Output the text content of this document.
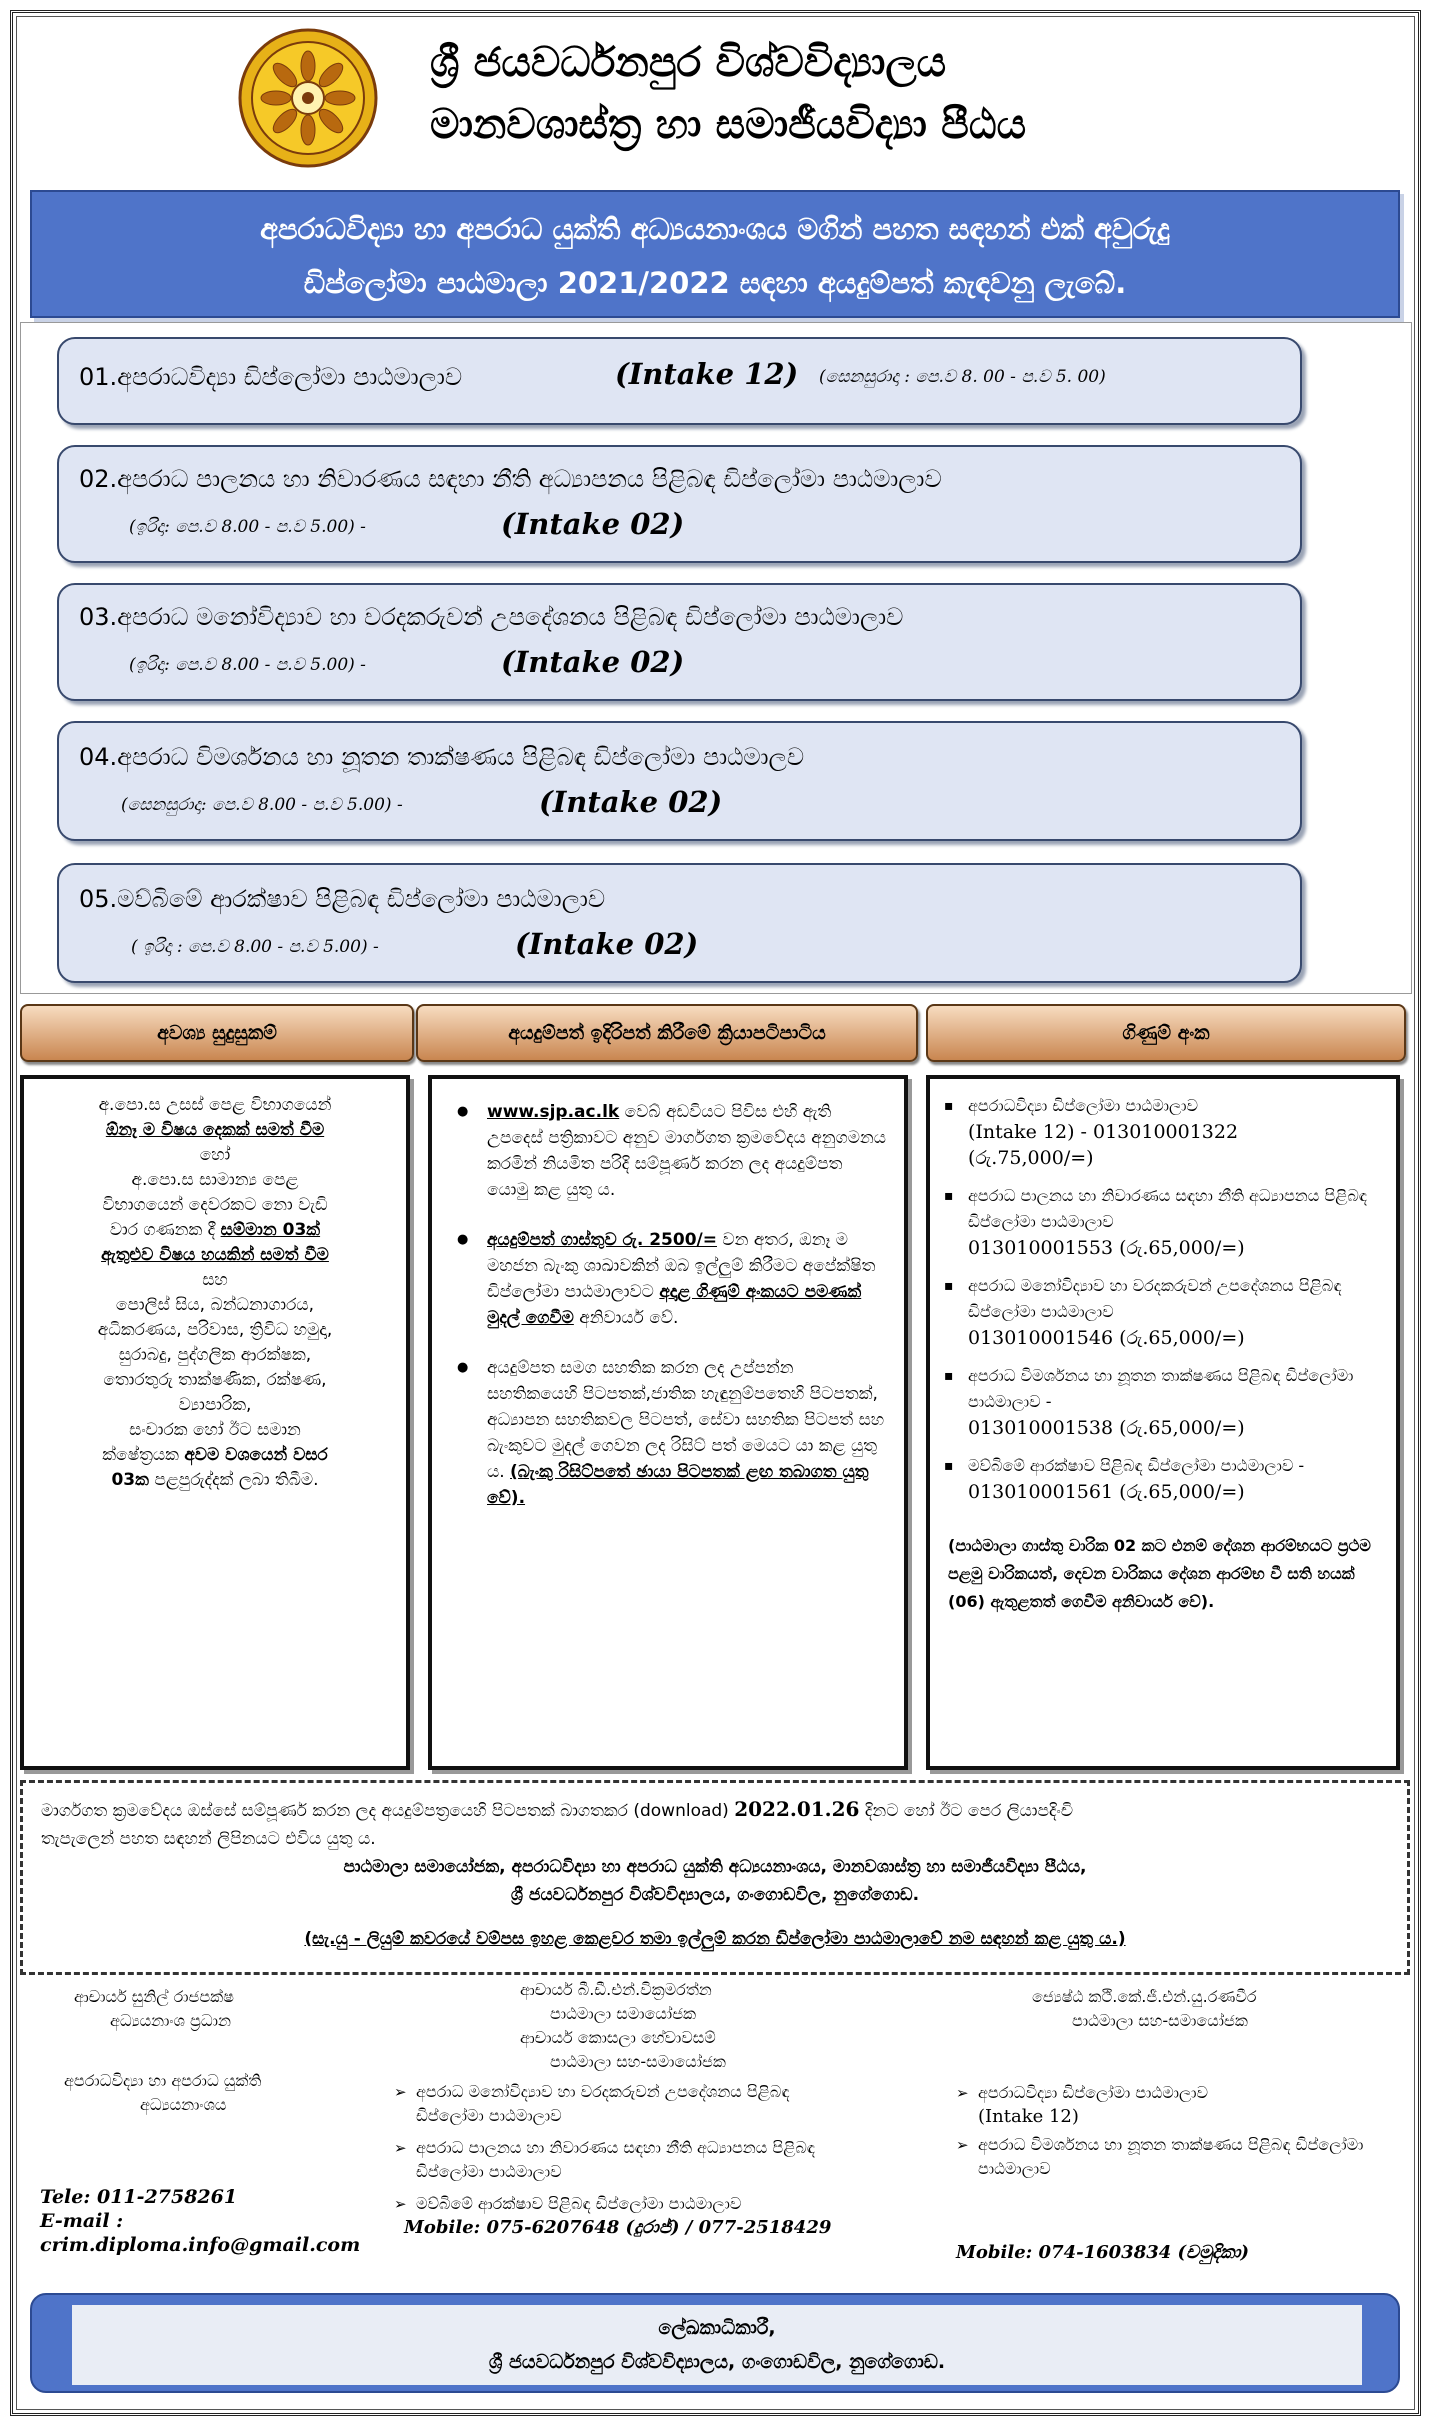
ශ්‍රී ජයවර්ධනපුර විශ්වවිද්‍යාලය
මානවශාස්ත්‍ර හා සමාජීයවිද්‍යා පීඨය
අපරාධවිද්‍යා හා අපරාධ යුක්ති අධ්‍යයනාංශය මගින් පහත සඳහන් එක් අවුරුදු
ඩිප්ලෝමා පාඨමාලා 2021/2022 සඳහා අයදුම්පත් කැඳවනු ලැබේ.
01.අපරාධවිද්‍යා ඩිප්ලෝමා පාඨමාලාව	(Intake 12) (සෙනසුරාදා : පෙ.ව 8. 00 - ප.ව 5. 00)
02.අපරාධ පාලනය හා නිවාරණය සඳහා නීති අධ්‍යාපනය පිළිබඳ ඩිප්ලෝමා පාඨමාලාව
(ඉරිදා: පෙ.ව 8.00 - ප.ව 5.00) -	(Intake 02)
03.අපරාධ මනෝවිද්‍යාව හා වරදකරුවන් උපදේශනය පිළිබඳ ඩිප්ලෝමා පාඨමාලාව
(ඉරිදා: පෙ.ව 8.00 - ප.ව 5.00) -	(Intake 02)
04.අපරාධ විමර්ශනය හා නූතන තාක්ෂණය පිළිබඳ ඩිප්ලෝමා පාඨමාලව
(සෙනසුරාදා: පෙ.ව 8.00 - ප.ව 5.00) -	(Intake 02)
05.මව්බිමේ ආරක්ෂාව පිළිබඳ ඩිප්ලෝමා පාඨමාලාව
( ඉරිදා : පෙ.ව 8.00 - ප.ව 5.00) -	(Intake 02)
අවශ්‍ය සුදුසුකම්	අයදුම්පත් ඉදිරිපත් කිරීමේ ක්‍රියාපටිපාටිය	ගිණුම් අංක
අ.පො.ස උසස් පෙළ විභාගයෙන්
ඕනෑ ම විෂය දෙකක් සමත් වීම
හෝ
අ.පො.ස සාමාන්‍ය පෙළ
විභාගයෙන් දෙවරකට නො වැඩි
වාර ගණනක දී සම්මාන 03ක්
ඇතුළුව විෂය හයකින් සමත් වීම
සහ
පොලිස් සිය, බන්ධනාගාරය,
අධිකරණය, පරිවාස, ත්‍රිවිධ හමුදා,
සුරාබදු, පුද්ගලික ආරක්ෂක,
තොරතුරු තාක්ෂණික, රක්ෂණ,
ව්‍යාපාරික,
සංචාරක හෝ ඊට සමාන
ක්ෂේත්‍රයක අවම වශයෙන් වසර
03ක පළපුරුද්දක් ලබා තිබීම.
● www.sjp.ac.lk වෙබ් අඩවියට පිවිස එහි ඇති උපදෙස් පත්‍රිකාවට අනුව මාර්ගගත ක්‍රමවේදය අනුගමනය කරමින් නියමිත පරිදි සම්පූර්ණ කරන ලද අයදුම්පත යොමු කළ යුතු ය.
● අයදුම්පත් ගාස්තුව රු. 2500/= වන අතර, ඔනෑ ම මහජන බැංකු ශාඛාවකින් ඔබ ඉල්ලුම් කිරීමට අපේක්ෂිත ඩිප්ලෝමා පාඨමාලාවට අදාළ ගිණුම් අංකයට පමණක් මුදල් ගෙවීම අනිවාර්ය වේ.
● අයදුම්පත සමග සහතික කරන ලද උප්පන්න සහතිකයෙහි පිටපතක්,ජාතික හැඳුනුම්පතෙහි පිටපතක්, අධ්‍යාපන සහතිකවල පිටපත්, සේවා සහතික පිටපත් සහ බැංකුවට මුදල් ගෙවන ලද රිසිට් පත් මෙයට යා කළ යුතු ය. (බැංකු රිසිට්පතේ ඡායා පිටපතක් ළඟ තබාගත යුතු වේ).
▪ අපරාධවිද්‍යා ඩිප්ලෝමා පාඨමාලාව
(Intake 12) - 013010001322
(රු.75,000/=)
▪ අපරාධ පාලනය හා නිවාරණය සඳහා නීති අධ්‍යාපනය පිළිබඳ ඩිප්ලෝමා පාඨමාලාව
013010001553 (රු.65,000/=)
▪ අපරාධ මනෝවිද්‍යාව හා වරදකරුවන් උපදේශනය පිළිබඳ ඩිප්ලෝමා පාඨමාලාව
013010001546 (රු.65,000/=)
▪ අපරාධ විමර්ශනය හා නූතන තාක්ෂණය පිළිබඳ ඩිප්ලෝමා පාඨමාලාව -
013010001538 (රු.65,000/=)
▪ මව්බිමේ ආරක්ෂාව පිළිබඳ ඩිප්ලෝමා පාඨමාලාව - 013010001561 (රු.65,000/=)
(පාඨමාලා ගාස්තු වාරික 02 කට එනම් දේශන ආරම්භයට ප්‍රථම පළමු වාරිකයත්, දෙවන වාරිකය දේශන ආරම්භ වී සති හයක් (06) ඇතුළතත් ගෙවීම අනිවාර්ය වේ).
මාර්ගගත ක්‍රමවේදය ඔස්සේ සම්පූර්ණ කරන ලද අයදුම්පත්‍රයෙහි පිටපතක් බාගතකර (download) 2022.01.26 දිනට හෝ ඊට පෙර ලියාපදිංචි
තැපැලෙන් පහත සඳහන් ලිපිනයට එවිය යුතු ය.
පාඨමාලා සමායෝජක, අපරාධවිද්‍යා හා අපරාධ යුක්ති අධ්‍යයනාංශය, මානවශාස්ත්‍ර හා සමාජීයවිද්‍යා පීඨය,
ශ්‍රී ජයවර්ධනපුර විශ්වවිද්‍යාලය, ගංගොඩවිල, නුගේගොඩ.
(සැ.යු - ලියුම් කවරයේ වම්පස ඉහළ කෙළවර තමා ඉල්ලුම් කරන ඩිප්ලෝමා පාඨමාලාවේ නම සඳහන් කළ යුතු ය.)
ආචාර්ය සුනිල් රාජපක්ෂ
අධ්‍යයනාංශ ප්‍රධාන
අපරාධවිද්‍යා හා අපරාධ යුක්ති
අධ්‍යයනාංශය
Tele: 011-2758261
E-mail :
crim.diploma.info@gmail.com
ආචාර්ය බී.ඩී.එන්.වික්‍රමරත්න
පාඨමාලා සමායෝජක
ආචාර්ය කොසලා හේවාවසම්
පාඨමාලා සහ-සමායෝජක
➢ අපරාධ මනෝවිද්‍යාව හා වරදකරුවන් උපදේශනය පිළිබඳ ඩිප්ලෝමා පාඨමාලාව
➢ අපරාධ පාලනය හා නිවාරණය සඳහා නීති අධ්‍යාපනය පිළිබඳ ඩිප්ලෝමා පාඨමාලාව
➢ මව්බිමේ ආරක්ෂාව පිළිබඳ ඩිප්ලෝමා පාඨමාලාව
Mobile: 075-6207648 (දුරාජ්) / 077-2518429
ජ්‍යෙෂ්ඨ කථි.කේ.ජී.එන්.යු.රණවීර
පාඨමාලා සහ-සමායෝජක
➢ අපරාධවිද්‍යා ඩිප්ලෝමා පාඨමාලාව
(Intake 12)
➢ අපරාධ විමර්ශනය හා නූතන තාක්ෂණය පිළිබඳ ඩිප්ලෝමා පාඨමාලාව
Mobile: 074-1603834 (චමුදිකා)
ලේඛකාධිකාරී,
ශ්‍රී ජයවර්ධනපුර විශ්වවිද්‍යාලය, ගංගොඩවිල, නුගේගොඩ.
